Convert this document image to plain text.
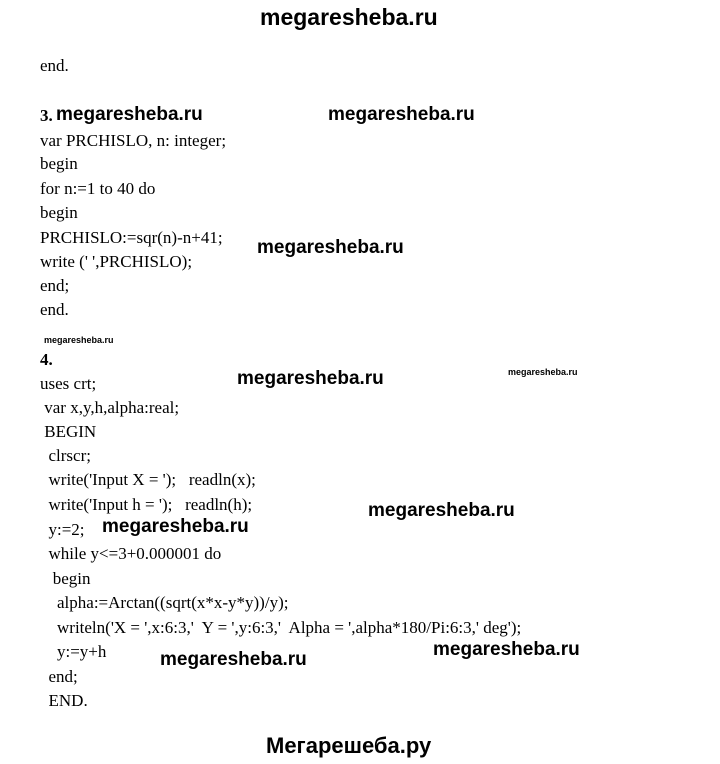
megaresheba.ru
end.
3. megaresheba.ru	megaresheba.ru
var PRCHISLO, n: integer;
begin
for n:=1 to 40 do
begin
PRCHISLO:=sqr(n)-n+41; megaresheba.ru
write (' ',PRCHISLO);
end;
end.
megaresheba.ru
4.
uses crt;	megaresheba.ru	megaresheba.ru
var x,y,h,alpha:real;
BEGIN
clrscr;
write('Input X = ');   readln(x);
write('Input h = ');   readln(h);	megaresheba.ru
y:=2; megaresheba.ru
while y<=3+0.000001 do
begin
alpha:=Arctan((sqrt(x*x-y*y))/y);
writeln('X = ',x:6:3,'  Y = ',y:6:3,'  Alpha = ',alpha*180/Pi:6:3,' deg');
y:=y+h	megaresheba.ru	megaresheba.ru
end;
END.
Мегарешеба.ру
